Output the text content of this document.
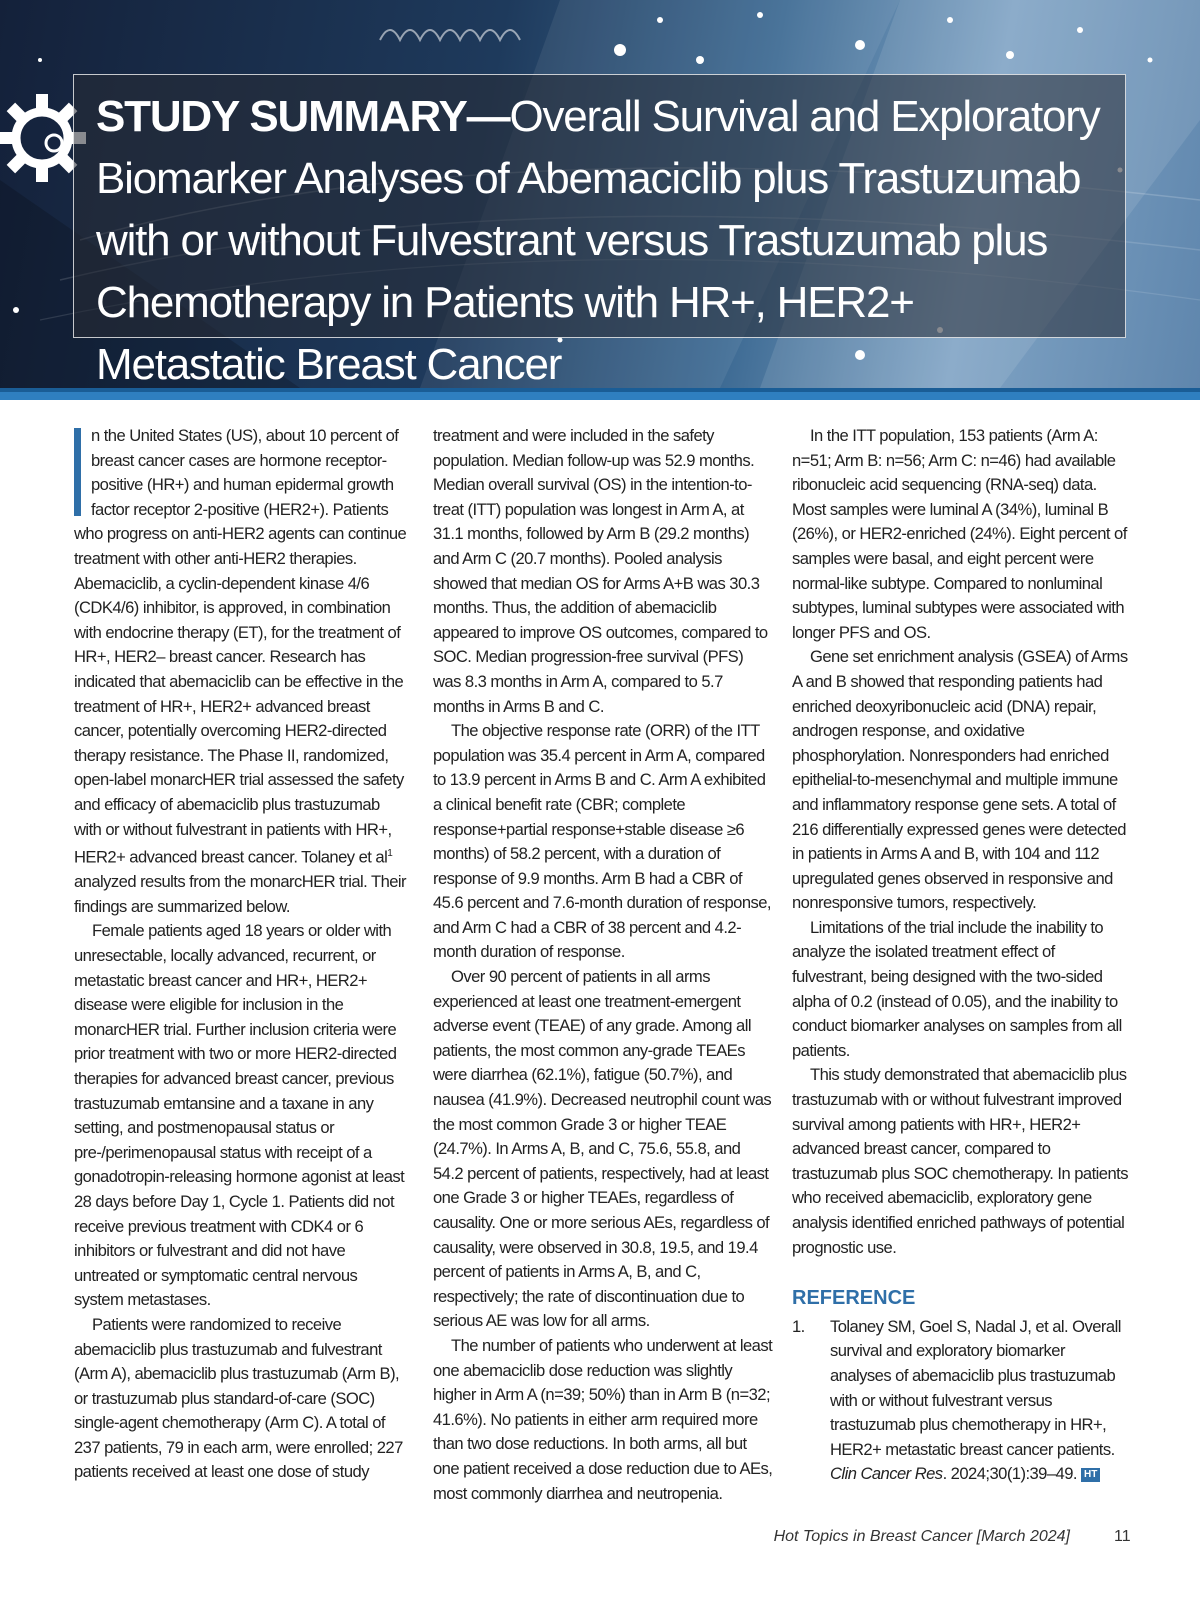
STUDY SUMMARY—Overall Survival and Exploratory Biomarker Analyses of Abemaciclib plus Trastuzumab with or without Fulvestrant versus Trastuzumab plus Chemotherapy in Patients with HR+, HER2+ Metastatic Breast Cancer

n the United States (US), about 10 percent of breast cancer cases are hormone receptor-positive (HR+) and human epidermal growth factor receptor 2-positive (HER2+). Patients who progress on anti-HER2 agents can continue treatment with other anti-HER2 therapies. Abemaciclib, a cyclin-dependent kinase 4/6 (CDK4/6) inhibitor, is approved, in combination with endocrine therapy (ET), for the treatment of HR+, HER2– breast cancer. Research has indicated that abemaciclib can be effective in the treatment of HR+, HER2+ advanced breast cancer, potentially overcoming HER2-directed therapy resistance. The Phase II, randomized, open-label monarcHER trial assessed the safety and efficacy of abemaciclib plus trastuzumab with or without fulvestrant in patients with HR+, HER2+ advanced breast cancer. Tolaney et $al^1$ analyzed results from the monarcHER trial. Their findings are summarized below.

Female patients aged 18 years or older with unresectable, locally advanced, recurrent, or metastatic breast cancer and HR+, HER2+ disease were eligible for inclusion in the monarcHER trial. Further inclusion criteria were prior treatment with two or more HER2-directed therapies for advanced breast cancer, previous trastuzumab emtansine and a taxane in any setting, and postmenopausal status or pre-/perimenopausal status with receipt of a gonadotropin-releasing hormone agonist at least 28 days before Day 1, Cycle 1. Patients did not receive previous treatment with CDK4 or 6 inhibitors or fulvestrant and did not have untreated or symptomatic central nervous system metastases.

Patients were randomized to receive abemaciclib plus trastuzumab and fulvestrant (Arm A), abemaciclib plus trastuzumab (Arm B), or trastuzumab plus standard-of-care (SOC) single-agent chemotherapy (Arm C). A total of 237 patients, 79 in each arm, were enrolled; 227 patients received at least one dose of study

treatment and were included in the safety population. Median follow-up was 52.9 months. Median overall survival (OS) in the intention-to-treat (ITT) population was longest in Arm A, at 31.1 months, followed by Arm B (29.2 months) and Arm C (20.7 months). Pooled analysis showed that median OS for Arms A+B was 30.3 months. Thus, the addition of abemaciclib appeared to improve OS outcomes, compared to SOC. Median progression-free survival (PFS) was 8.3 months in Arm A, compared to 5.7 months in Arms B and C.

The objective response rate (ORR) of the ITT population was 35.4 percent in Arm A, compared to 13.9 percent in Arms B and C. Arm A exhibited a clinical benefit rate (CBR; complete response+partial response+stable disease ≥6 months) of 58.2 percent, with a duration of response of 9.9 months. Arm B had a CBR of 45.6 percent and 7.6-month duration of response, and Arm C had a CBR of 38 percent and 4.2-month duration of response.

Over 90 percent of patients in all arms experienced at least one treatment-emergent adverse event (TEAE) of any grade. Among all patients, the most common any-grade TEAEs were diarrhea (62.1%), fatigue (50.7%), and nausea (41.9%). Decreased neutrophil count was the most common Grade 3 or higher TEAE (24.7%). In Arms A, B, and C, 75.6, 55.8, and 54.2 percent of patients, respectively, had at least one Grade 3 or higher TEAEs, regardless of causality. One or more serious AEs, regardless of causality, were observed in 30.8, 19.5, and 19.4 percent of patients in Arms A, B, and C, respectively; the rate of discontinuation due to serious AE was low for all arms.

The number of patients who underwent at least one abemaciclib dose reduction was slightly higher in Arm A (n=39; 50%) than in Arm B (n=32; 41.6%). No patients in either arm required more than two dose reductions. In both arms, all but one patient received a dose reduction due to AEs, most commonly diarrhea and neutropenia.

In the ITT population, 153 patients (Arm A: n=51; Arm B: n=56; Arm C: n=46) had available ribonucleic acid sequencing (RNA-seq) data. Most samples were luminal A (34%), luminal B (26%), or HER2-enriched (24%). Eight percent of samples were basal, and eight percent were normal-like subtype. Compared to nonluminal subtypes, luminal subtypes were associated with longer PFS and OS.

Gene set enrichment analysis (GSEA) of Arms A and B showed that responding patients had enriched deoxyribonucleic acid (DNA) repair, androgen response, and oxidative phosphorylation. Nonresponders had enriched epithelial-to-mesenchymal and multiple immune and inflammatory response gene sets. A total of 216 differentially expressed genes were detected in patients in Arms A and B, with 104 and 112 upregulated genes observed in responsive and nonresponsive tumors, respectively.

Limitations of the trial include the inability to analyze the isolated treatment effect of fulvestrant, being designed with the two-sided alpha of 0.2 (instead of 0.05), and the inability to conduct biomarker analyses on samples from all patients.

This study demonstrated that abemaciclib plus trastuzumab with or without fulvestrant improved survival among patients with HR+, HER2+ advanced breast cancer, compared to trastuzumab plus SOC chemotherapy. In patients who received abemaciclib, exploratory gene analysis identified enriched pathways of potential prognostic use.

REFERENCE
1.	Tolaney SM, Goel S, Nadal J, et al. Overall survival and exploratory biomarker analyses of abemaciclib plus trastuzumab with or without fulvestrant versus trastuzumab plus chemotherapy in HR+, HER2+ metastatic breast cancer patients. Clin Cancer Res. 2024;30(1):39–49. HT
Hot Topics in Breast Cancer [March 2024]	11
